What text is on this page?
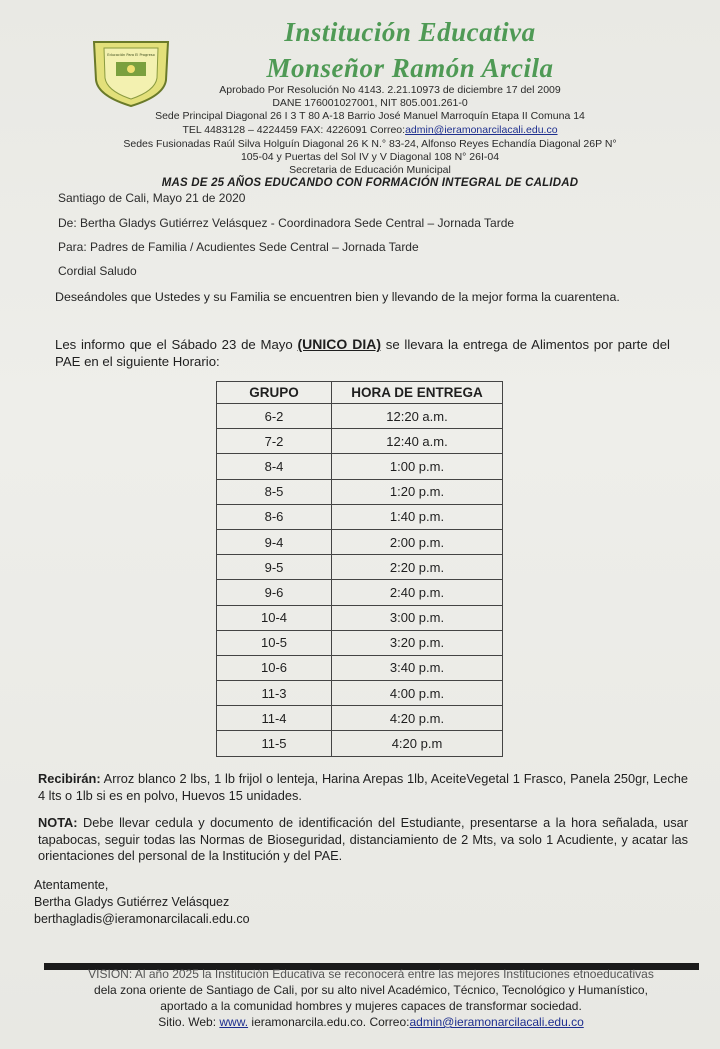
Educación Para El Progreso
Institución Educativa
Monseñor Ramón Arcila
Aprobado Por Resolución No 4143. 2.21.10973 de diciembre 17 del 2009
DANE 176001027001, NIT 805.001.261-0
Sede Principal Diagonal 26 I 3 T 80 A-18 Barrio José Manuel Marroquín Etapa II Comuna 14
TEL 4483128 – 4224459 FAX: 4226091 Correo:admin@ieramonarcilacali.edu.co
Sedes Fusionadas Raúl Silva Holguín Diagonal 26 K N.° 83-24, Alfonso Reyes Echandía Diagonal 26P N°
105-04 y Puertas del Sol IV y V Diagonal 108 N° 26I-04
Secretaria de Educación Municipal
MAS DE 25 AÑOS EDUCANDO CON FORMACIÓN INTEGRAL DE CALIDAD
Santiago de Cali, Mayo 21 de 2020
De: Bertha Gladys Gutiérrez Velásquez - Coordinadora Sede Central – Jornada Tarde
Para: Padres de Familia / Acudientes Sede Central – Jornada Tarde
Cordial Saludo
Deseándoles que Ustedes y su Familia se encuentren bien y llevando de la mejor forma la cuarentena.
Les informo que el Sábado 23 de Mayo (UNICO DIA) se llevara la entrega de Alimentos por parte del PAE en el siguiente Horario:
GRUPO	HORA DE ENTREGA
6-2	12:20 a.m.
7-2	12:40 a.m.
8-4	1:00 p.m.
8-5	1:20 p.m.
8-6	1:40 p.m.
9-4	2:00 p.m.
9-5	2:20 p.m.
9-6	2:40 p.m.
10-4	3:00 p.m.
10-5	3:20 p.m.
10-6	3:40 p.m.
11-3	4:00 p.m.
11-4	4:20 p.m.
11-5	4:20 p.m
Recibirán: Arroz blanco 2 lbs, 1 lb frijol o lenteja, Harina Arepas 1lb, AceiteVegetal 1 Frasco, Panela 250gr, Leche 4 lts o 1lb si es en polvo, Huevos 15 unidades.
NOTA: Debe llevar cedula y documento de identificación del Estudiante, presentarse a la hora señalada, usar tapabocas, seguir todas las Normas de Bioseguridad, distanciamiento de 2 Mts, va solo 1 Acudiente, y acatar las orientaciones del personal de la Institución y del PAE.
Atentamente,
Bertha Gladys Gutiérrez Velásquez
berthagladis@ieramonarcilacali.edu.co
VISION: Al año 2025 la Institución Educativa se reconocerá entre las mejores Instituciones etnoeducativas
dela zona oriente de Santiago de Cali, por su alto nivel Académico, Técnico, Tecnológico y Humanístico,
aportado a la comunidad hombres y mujeres capaces de transformar sociedad.
Sitio. Web: www. ieramonarcila.edu.co. Correo:admin@ieramonarcilacali.edu.co
